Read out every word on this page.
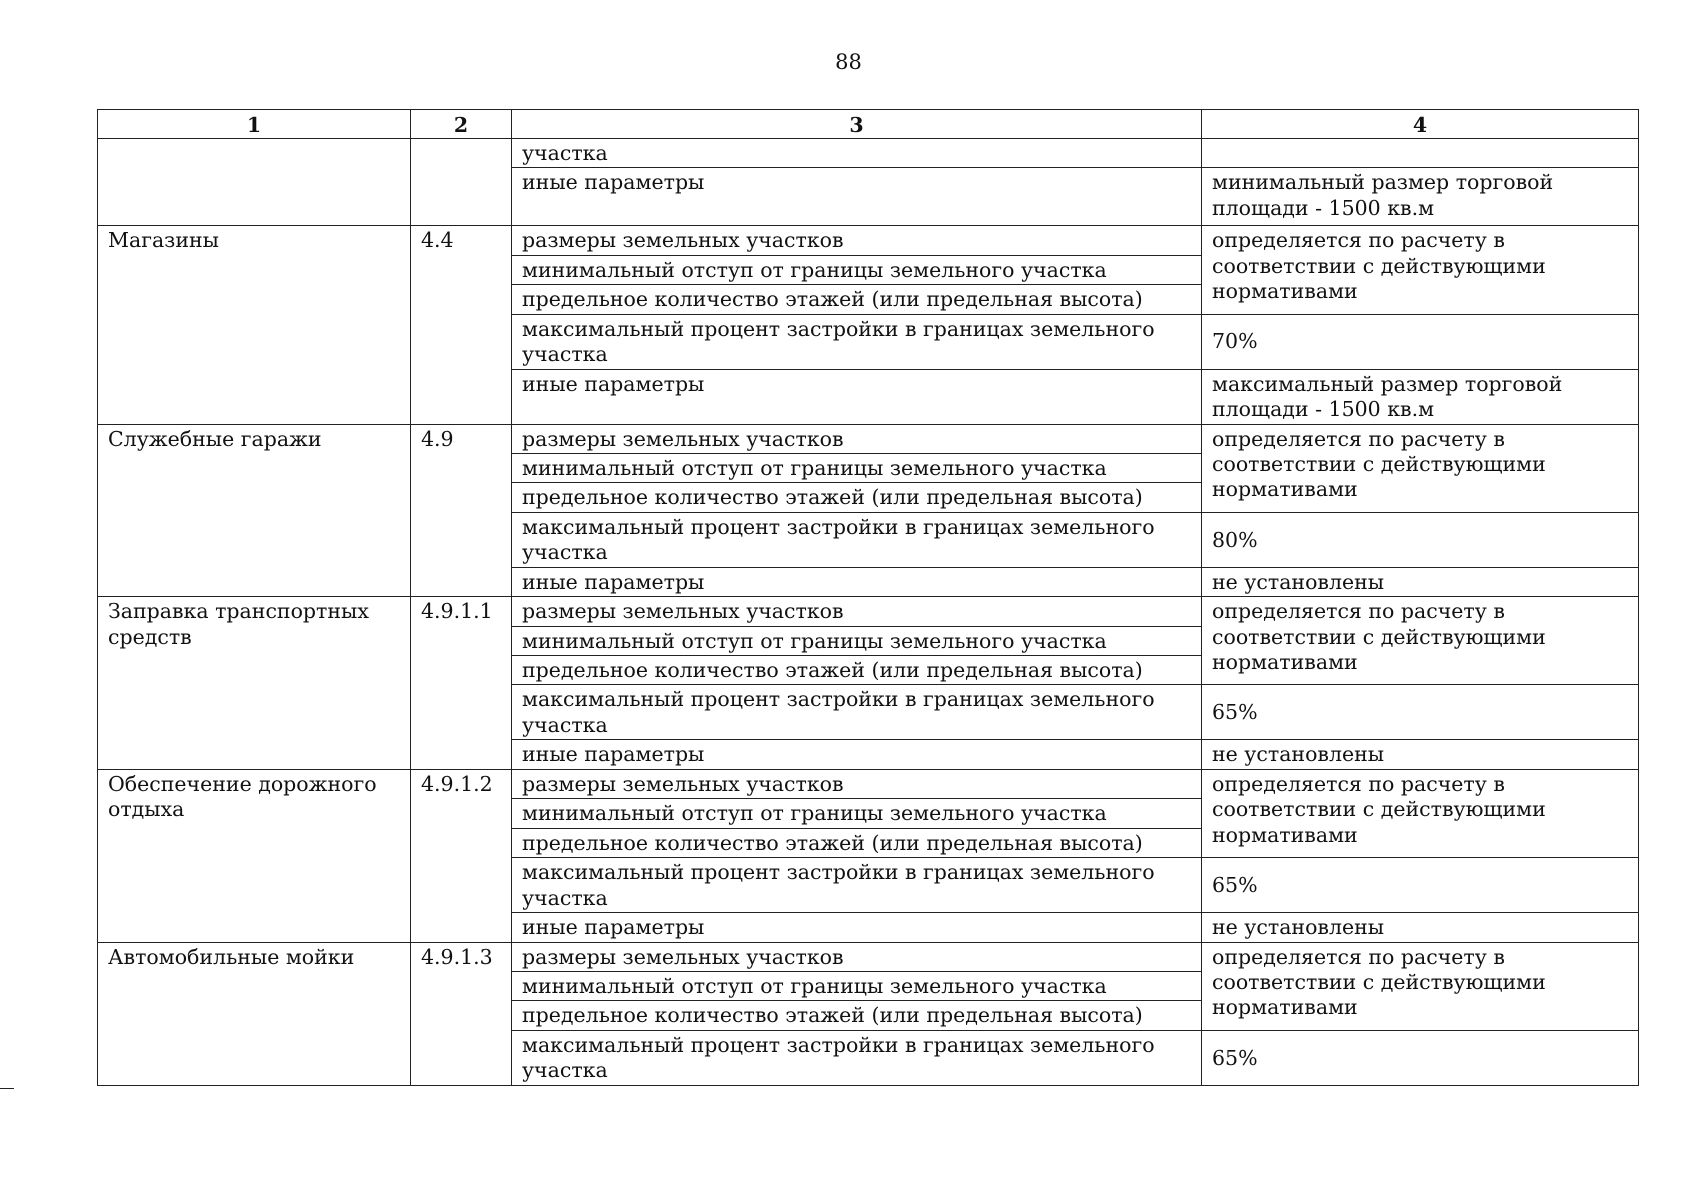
88
1	2	3	4
		участка	
		иные параметры	минимальный размер торговой площади - 1500 кв.м
Магазины	4.4	размеры земельных участков	определяется по расчету в соответствии с действующими нормативами
		минимальный отступ от границы земельного участка	
		предельное количество этажей (или предельная высота)	
		максимальный процент застройки в границах земельного участка	70%
		иные параметры	максимальный размер торговой площади - 1500 кв.м
Служебные гаражи	4.9	размеры земельных участков	определяется по расчету в соответствии с действующими нормативами
		минимальный отступ от границы земельного участка	
		предельное количество этажей (или предельная высота)	
		максимальный процент застройки в границах земельного участка	80%
		иные параметры	не установлены
Заправка транспортных средств	4.9.1.1	размеры земельных участков	определяется по расчету в соответствии с действующими нормативами
		минимальный отступ от границы земельного участка	
		предельное количество этажей (или предельная высота)	
		максимальный процент застройки в границах земельного участка	65%
		иные параметры	не установлены
Обеспечение дорожного отдыха	4.9.1.2	размеры земельных участков	определяется по расчету в соответствии с действующими нормативами
		минимальный отступ от границы земельного участка	
		предельное количество этажей (или предельная высота)	
		максимальный процент застройки в границах земельного участка	65%
		иные параметры	не установлены
Автомобильные мойки	4.9.1.3	размеры земельных участков	определяется по расчету в соответствии с действующими нормативами
		минимальный отступ от границы земельного участка	
		предельное количество этажей (или предельная высота)	
		максимальный процент застройки в границах земельного участка	65%
